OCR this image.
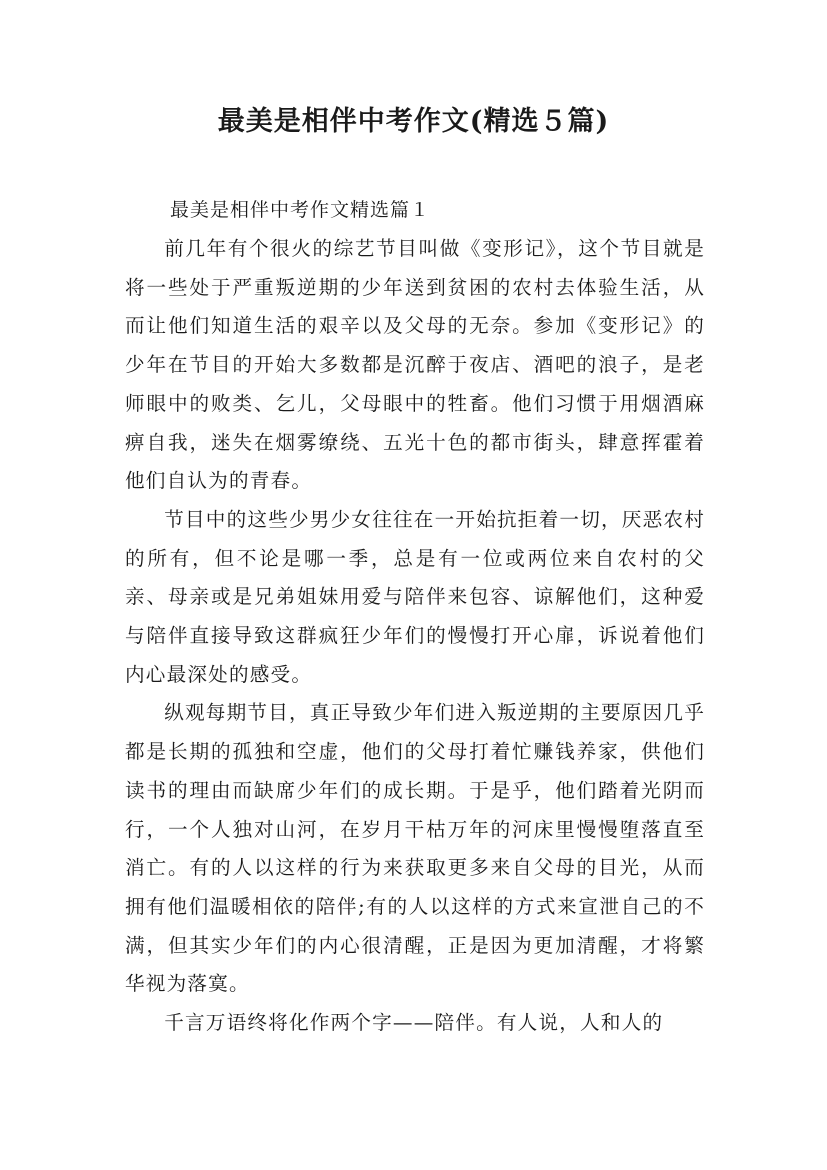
最美是相伴中考作文(精选５篇)
最美是相伴中考作文精选篇１

前几年有个很火的综艺节目叫做《变形记》，这个节目就是将一些处于严重叛逆期的少年送到贫困的农村去体验生活，从而让他们知道生活的艰辛以及父母的无奈。参加《变形记》的少年在节目的开始大多数都是沉醉于夜店、酒吧的浪子，是老师眼中的败类、乞儿，父母眼中的牲畜。他们习惯于用烟酒麻痹自我，迷失在烟雾缭绕、五光十色的都市街头，肆意挥霍着他们自认为的青春。

节目中的这些少男少女往往在一开始抗拒着一切，厌恶农村的所有，但不论是哪一季，总是有一位或两位来自农村的父亲、母亲或是兄弟姐妹用爱与陪伴来包容、谅解他们，这种爱与陪伴直接导致这群疯狂少年们的慢慢打开心扉，诉说着他们内心最深处的感受。

纵观每期节目，真正导致少年们进入叛逆期的主要原因几乎都是长期的孤独和空虚，他们的父母打着忙赚钱养家，供他们读书的理由而缺席少年们的成长期。于是乎，他们踏着光阴而行，一个人独对山河，在岁月干枯万年的河床里慢慢堕落直至消亡。有的人以这样的行为来获取更多来自父母的目光，从而拥有他们温暖相依的陪伴;有的人以这样的方式来宣泄自己的不满，但其实少年们的内心很清醒，正是因为更加清醒，才将繁华视为落寞。

千言万语终将化作两个字——陪伴。有人说，人和人的
